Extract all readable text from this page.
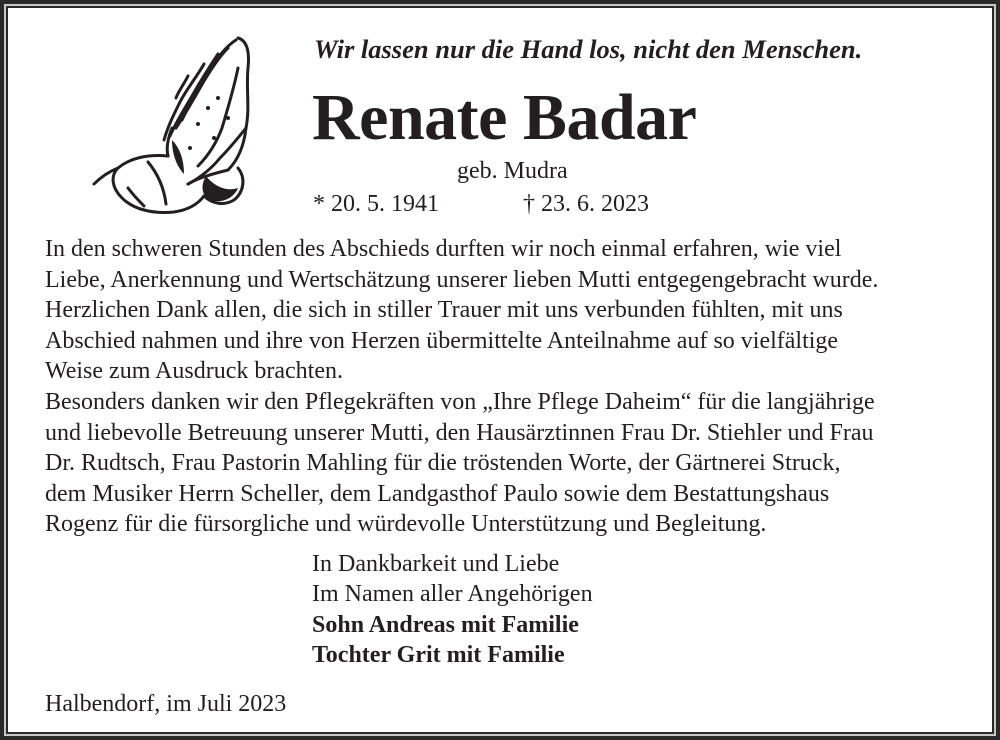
Wir lassen nur die Hand los, nicht den Menschen.
Renate Badar
geb. Mudra
* 20. 5. 1941	† 23. 6. 2023
In den schweren Stunden des Abschieds durften wir noch einmal erfahren, wie viel
Liebe, Anerkennung und Wertschätzung unserer lieben Mutti entgegengebracht wurde.
Herzlichen Dank allen, die sich in stiller Trauer mit uns verbunden fühlten, mit uns
Abschied nahmen und ihre von Herzen übermittelte Anteilnahme auf so vielfältige
Weise zum Ausdruck brachten.
Besonders danken wir den Pflegekräften von „Ihre Pflege Daheim“ für die langjährige
und liebevolle Betreuung unserer Mutti, den Hausärztinnen Frau Dr. Stiehler und Frau
Dr. Rudtsch, Frau Pastorin Mahling für die tröstenden Worte, der Gärtnerei Struck,
dem Musiker Herrn Scheller, dem Landgasthof Paulo sowie dem Bestattungshaus
Rogenz für die fürsorgliche und würdevolle Unterstützung und Begleitung.
In Dankbarkeit und Liebe
Im Namen aller Angehörigen
Sohn Andreas mit Familie
Tochter Grit mit Familie
Halbendorf, im Juli 2023
